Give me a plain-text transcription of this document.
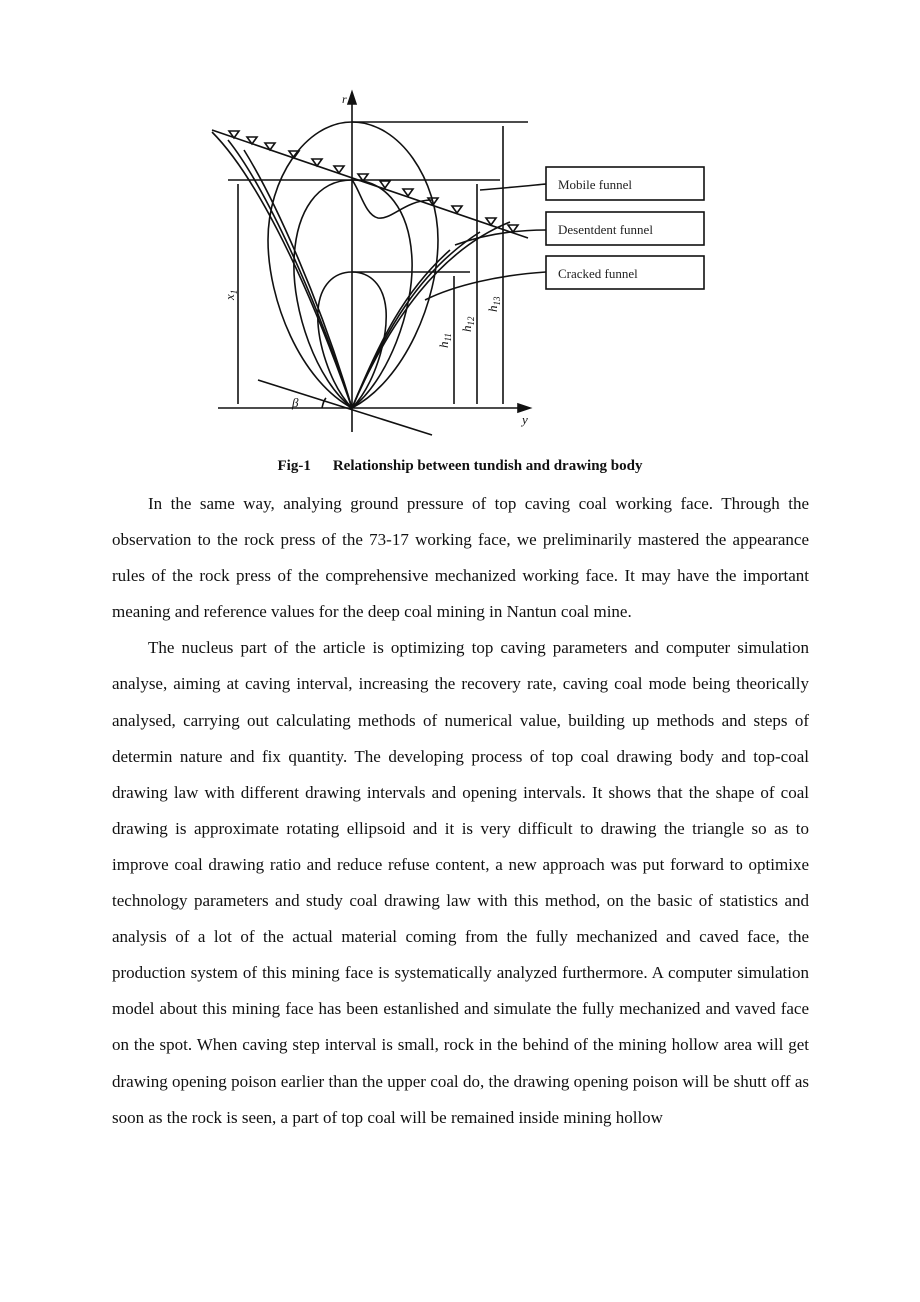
r
y
$x_1$
β
$h_{11}$
$h_{12}$
$h_{13}$
Mobile funnel
Desentdent funnel
Cracked funnel
Fig-1 Relationship between tundish and drawing body

In the same way, analying ground pressure of top caving coal working face. Through the observation to the rock press of the 73-17 working face, we preliminarily mastered the appearance rules of the rock press of the comprehensive mechanized working face. It may have the important meaning and reference values for the deep coal mining in Nantun coal mine.

The nucleus part of the article is optimizing top caving parameters and computer simulation analyse, aiming at caving interval, increasing the recovery rate, caving coal mode being theorically analysed, carrying out calculating methods of numerical value, building up methods and steps of determin nature and fix quantity. The developing process of top coal drawing body and top-coal drawing law with different drawing intervals and opening intervals. It shows that the shape of coal drawing is approximate rotating ellipsoid and it is very difficult to drawing the triangle so as to improve coal drawing ratio and reduce refuse content, a new approach was put forward to optimixe technology parameters and study coal drawing law with this method, on the basic of statistics and analysis of a lot of the actual material coming from the fully mechanized and caved face, the production system of this mining face is systematically analyzed furthermore. A computer simulation model about this mining face has been estanlished and simulate the fully mechanized and vaved face on the spot. When caving step interval is small, rock in the behind of the mining hollow area will get drawing opening poison earlier than the upper coal do, the drawing opening poison will be shutt off as soon as the rock is seen, a part of top coal will be remained inside mining hollow
